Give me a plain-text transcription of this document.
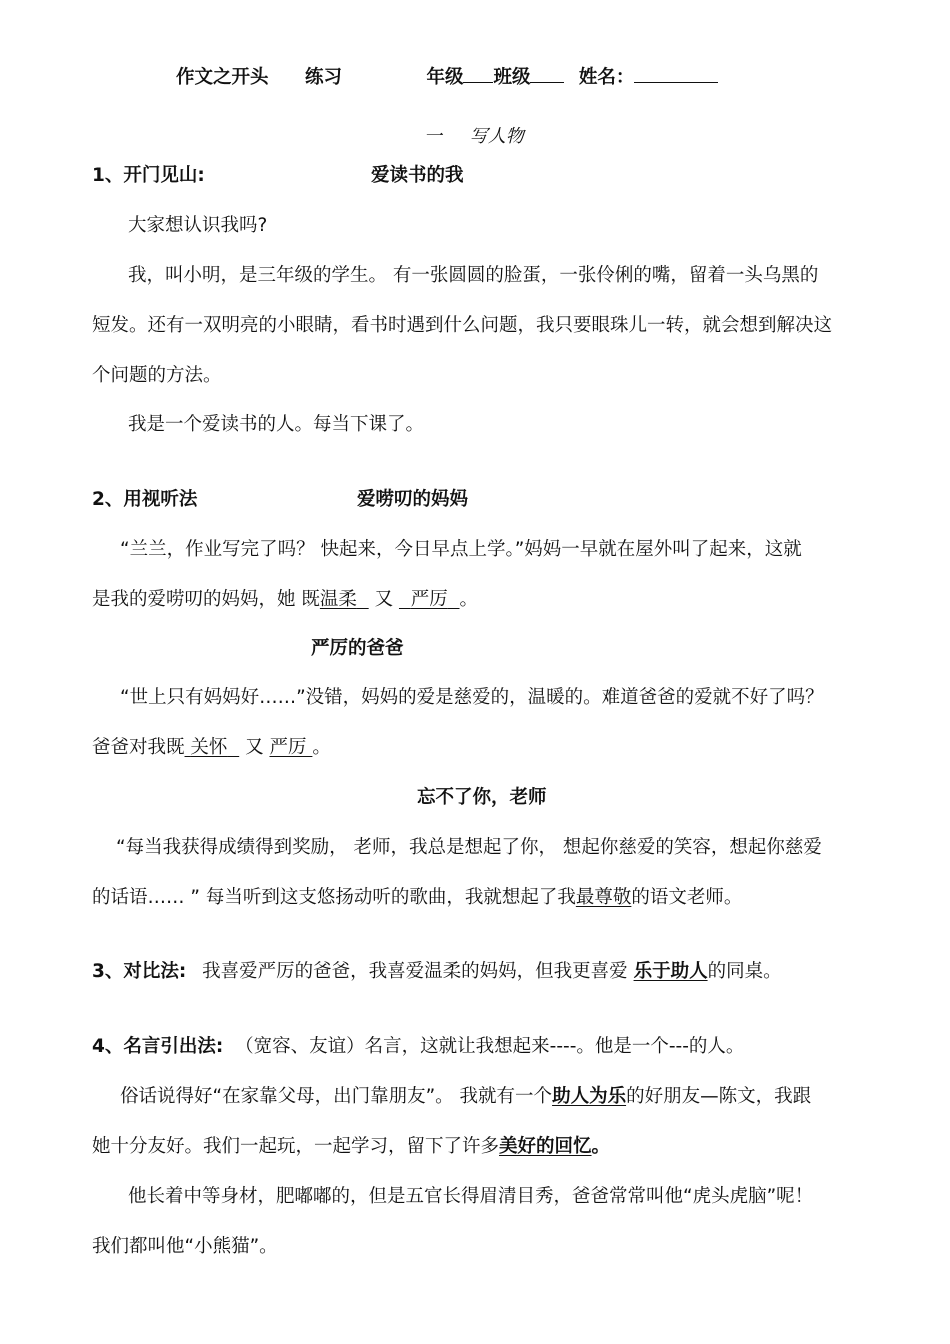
作文之开头 练习	年级 班级	姓名：
一 写人物
1、开门见山:	爱读书的我
大家想认识我吗?
我，叫小明，是三年级的学生。 有一张圆圆的脸蛋，一张伶俐的嘴，留着一头乌黑的
短发。还有一双明亮的小眼睛，看书时遇到什么问题，我只要眼珠儿一转，就会想到解决这
个问题的方法。
我是一个爱读书的人。每当下课了。
2、用视听法	爱唠叨的妈妈
“兰兰，作业写完了吗？ 快起来，今日早点上学。”妈妈一早就在屋外叫了起来，这就
是我的爱唠叨的妈妈，她 既温柔 又 严厉 。
严厉的爸爸
“世上只有妈妈好……”没错，妈妈的爱是慈爱的，温暖的。难道爸爸的爱就不好了吗？
爸爸对我既 关怀 又 严厉 。
忘不了你，老师
“每当我获得成绩得到奖励， 老师，我总是想起了你， 想起你慈爱的笑容，想起你慈爱
的话语…… ” 每当听到这支悠扬动听的歌曲，我就想起了我最尊敬的语文老师。
3、对比法: 我喜爱严厉的爸爸，我喜爱温柔的妈妈，但我更喜爱 乐于助人的同桌。
4、名言引出法: （宽容、友谊）名言，这就让我想起来----。他是一个---的人。
俗话说得好“在家靠父母，出门靠朋友”。 我就有一个助人为乐的好朋友—陈文，我跟
她十分友好。我们一起玩，一起学习，留下了许多美好的回忆。
他长着中等身材，肥嘟嘟的，但是五官长得眉清目秀，爸爸常常叫他“虎头虎脑”呢！
我们都叫他“小熊猫”。
